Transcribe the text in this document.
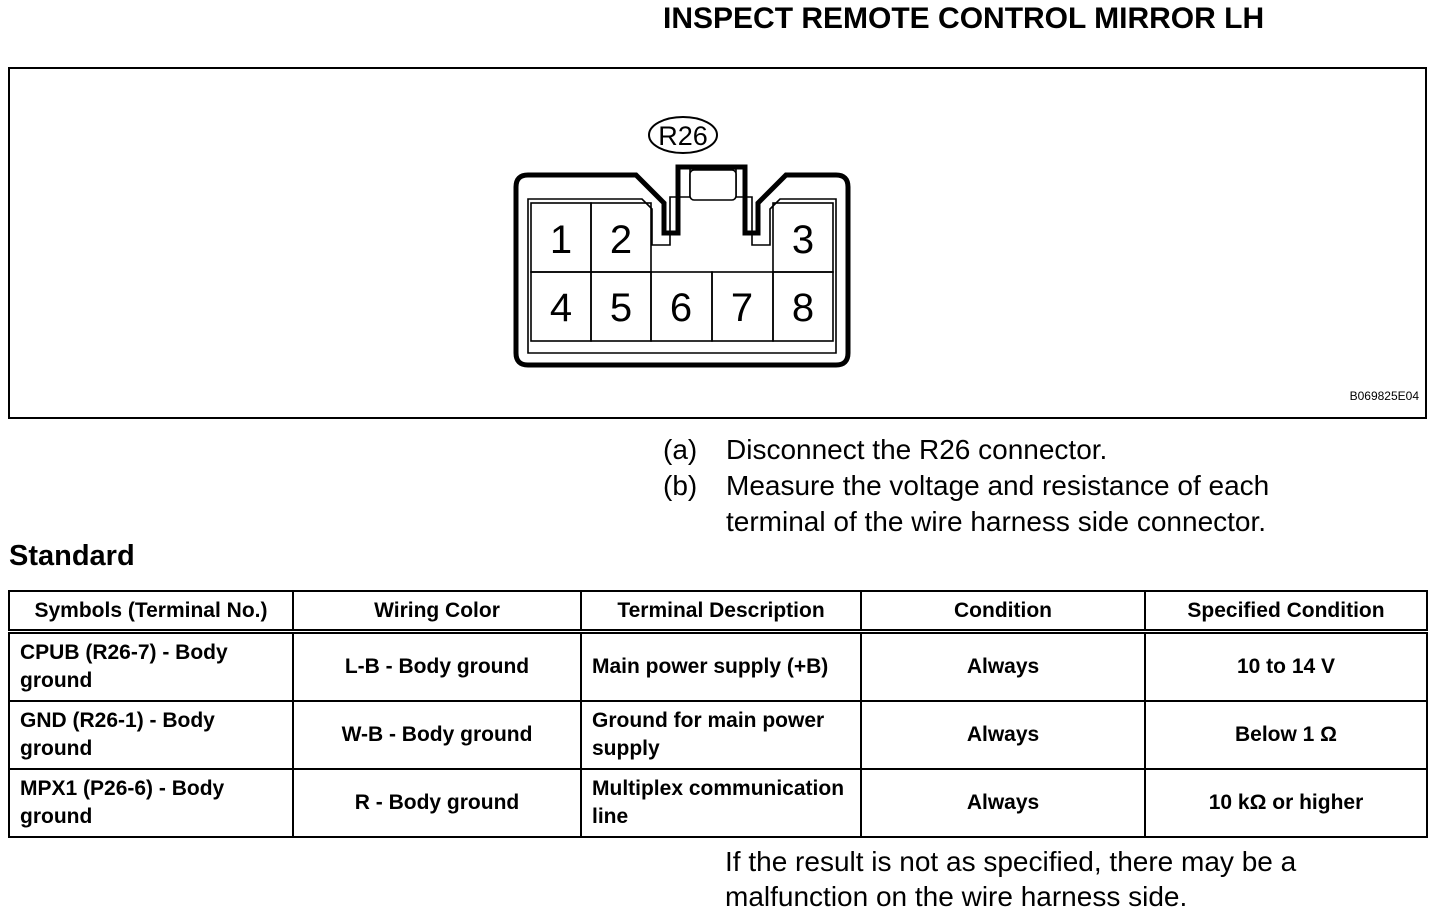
INSPECT REMOTE CONTROL MIRROR LH
R26
1 2	3
4 5 6 7 8
B069825E04
(a)	Disconnect the R26 connector.
(b)	Measure the voltage and resistance of each terminal of the wire harness side connector.
Standard
Symbols (Terminal No.)	Wiring Color	Terminal Description	Condition	Specified Condition
CPUB (R26-7) - Body ground	L-B - Body ground	Main power supply (+B)	Always	10 to 14 V
GND (R26-1) - Body ground	W-B - Body ground	Ground for main power supply	Always	Below 1 Ω
MPX1 (P26-6) - Body ground	R - Body ground	Multiplex communication line	Always	10 kΩ or higher
If the result is not as specified, there may be a malfunction on the wire harness side.
